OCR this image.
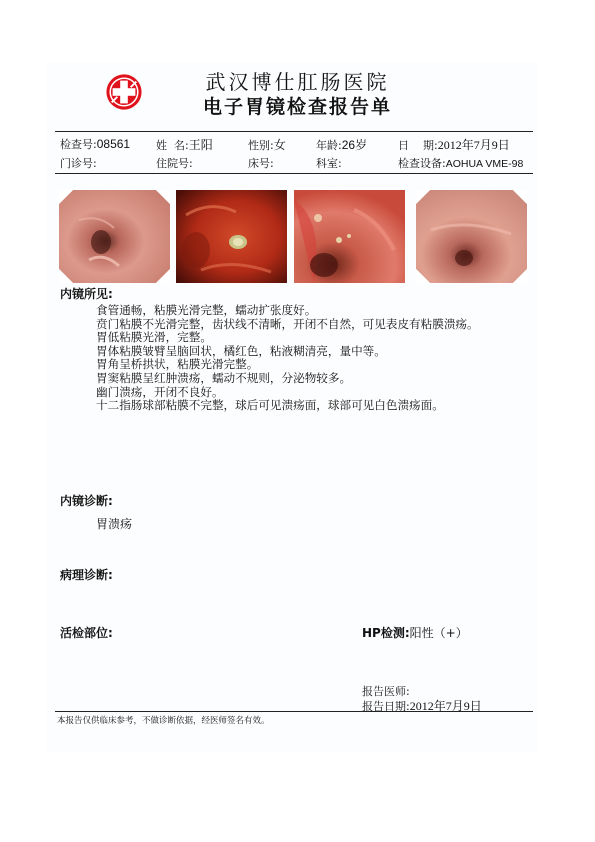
武汉博仕肛肠医院
电子胃镜检查报告单
检查号:08561 姓  名:王阳	性别:女	年龄:26岁	日    期:2012年7月9日
门诊号:	住院号:	床号:	科室:	检查设备:AOHUA VME-98
内镜所见:
食管通畅，粘膜光滑完整，蠕动扩张度好。
贲门粘膜不光滑完整，齿状线不清晰，开闭不自然，可见表皮有粘膜溃疡。
胃低粘膜光滑，完整。
胃体粘膜皱臂呈脑回状，橘红色，粘液糊清亮，量中等。
胃角呈桥拱状，粘膜光滑完整。
胃窦粘膜呈红肿溃疡，蠕动不规则，分泌物较多。
幽门溃疡，开闭不良好。
十二指肠球部粘膜不完整，球后可见溃疡面，球部可见白色溃疡面。
内镜诊断:
胃溃疡
病理诊断:
活检部位:	HP检测:阳性（+）
报告医师:
报告日期:2012年7月9日
本报告仅供临床参考，不做诊断依据，经医师签名有效。
